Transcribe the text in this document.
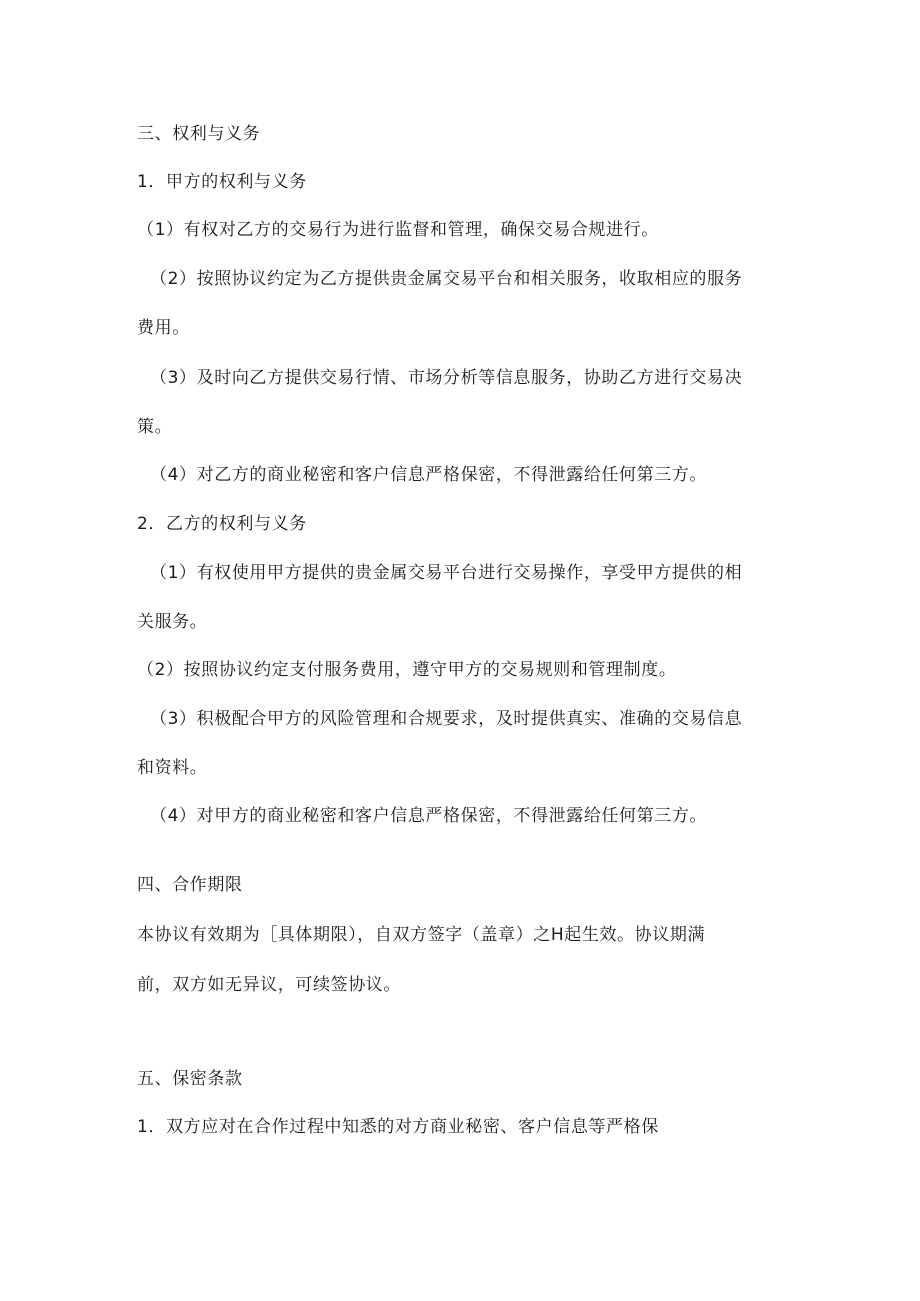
三、权利与义务
1．甲方的权利与义务
（1）有权对乙方的交易行为进行监督和管理，确保交易合规进行。
（2）按照协议约定为乙方提供贵金属交易平台和相关服务，收取相应的服务
费用。
（3）及时向乙方提供交易行情、市场分析等信息服务，协助乙方进行交易决
策。
（4）对乙方的商业秘密和客户信息严格保密，不得泄露给任何第三方。
2．乙方的权利与义务
（1）有权使用甲方提供的贵金属交易平台进行交易操作，享受甲方提供的相
关服务。
（2）按照协议约定支付服务费用，遵守甲方的交易规则和管理制度。
（3）积极配合甲方的风险管理和合规要求，及时提供真实、准确的交易信息
和资料。
（4）对甲方的商业秘密和客户信息严格保密，不得泄露给任何第三方。
四、合作期限
本协议有效期为［具体期限），自双方签字（盖章）之H起生效。协议期满
前，双方如无异议，可续签协议。
五、保密条款
1．双方应对在合作过程中知悉的对方商业秘密、客户信息等严格保
